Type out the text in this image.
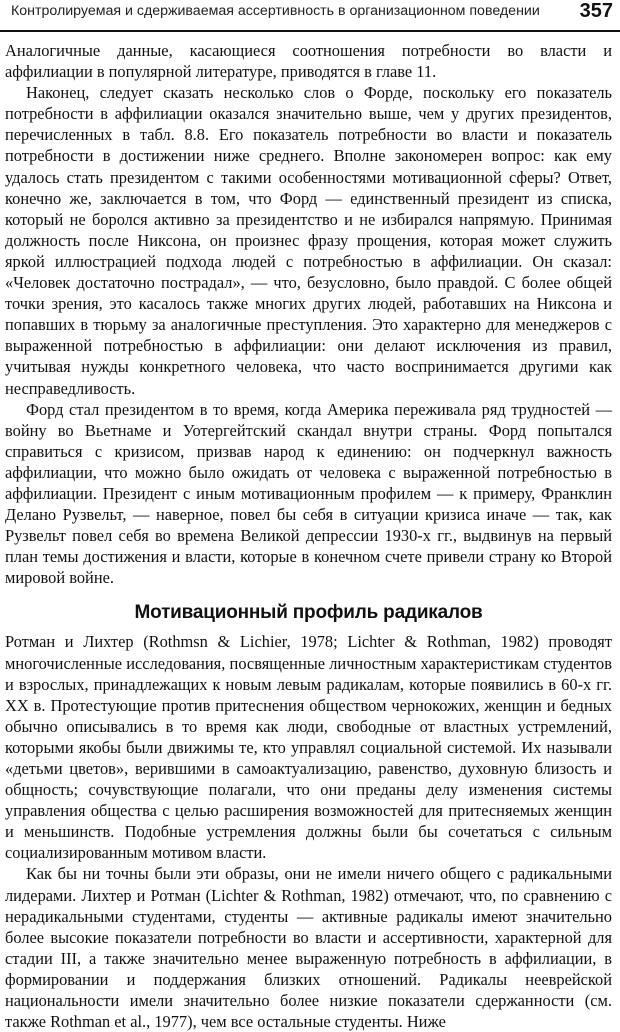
Контролируемая и сдерживаемая ассертивность в организационном поведении 357

Аналогичные данные, касающиеся соотношения потребности во власти и аффилиации в популярной литературе, приводятся в главе 11.

Наконец, следует сказать несколько слов о Форде, поскольку его показатель потребности в аффилиации оказался значительно выше, чем у других президентов, перечисленных в табл. 8.8. Его показатель потребности во власти и показатель потребности в достижении ниже среднего. Вполне закономерен вопрос: как ему удалось стать президентом с такими особенностями мотивационной сферы? Ответ, конечно же, заключается в том, что Форд — единственный президент из списка, который не боролся активно за президентство и не избирался напрямую. Принимая должность после Никсона, он произнес фразу прощения, которая может служить яркой иллюстрацией подхода людей с потребностью в аффилиации. Он сказал: «Человек достаточно пострадал», — что, безусловно, было правдой. С более общей точки зрения, это касалось также многих других людей, работавших на Никсона и попавших в тюрьму за аналогичные преступления. Это характерно для менеджеров с выраженной потребностью в аффилиации: они делают исключения из правил, учитывая нужды конкретного человека, что часто воспринимается другими как несправедливость.

Форд стал президентом в то время, когда Америка переживала ряд трудностей — войну во Вьетнаме и Уотергейтский скандал внутри страны. Форд попытался справиться с кризисом, призвав народ к единению: он подчеркнул важность аффилиации, что можно было ожидать от человека с выраженной потребностью в аффилиации. Президент с иным мотивационным профилем — к примеру, Франклин Делано Рузвельт, — наверное, повел бы себя в ситуации кризиса иначе — так, как Рузвельт повел себя во времена Великой депрессии 1930-х гг., выдвинув на первый план темы достижения и власти, которые в конечном счете привели страну ко Второй мировой войне.

Мотивационный профиль радикалов

Ротман и Лихтер (Rothmsn & Lichier, 1978; Lichter & Rothman, 1982) проводят многочисленные исследования, посвященные личностным характеристикам студентов и взрослых, принадлежащих к новым левым радикалам, которые появились в 60-х гг. XX в. Протестующие против притеснения обществом чернокожих, женщин и бедных обычно описывались в то время как люди, свободные от властных устремлений, которыми якобы были движимы те, кто управлял социальной системой. Их называли «детьми цветов», верившими в самоактуализацию, равенство, духовную близость и общность; сочувствующие полагали, что они преданы делу изменения системы управления общества с целью расширения возможностей для притесняемых женщин и меньшинств. Подобные устремления должны были бы сочетаться с сильным социализированным мотивом власти.

Как бы ни точны были эти образы, они не имели ничего общего с радикальными лидерами. Лихтер и Ротман (Lichter & Rothman, 1982) отмечают, что, по сравнению с нерадикальными студентами, студенты — активные радикалы имеют значительно более высокие показатели потребности во власти и ассертивности, характерной для стадии III, а также значительно менее выраженную потребность в аффилиации, в формировании и поддержания близких отношений. Радикалы нееврейской национальности имели значительно более низкие показатели сдержанности (см. также Rothman et al., 1977), чем все остальные студенты. Ниже
